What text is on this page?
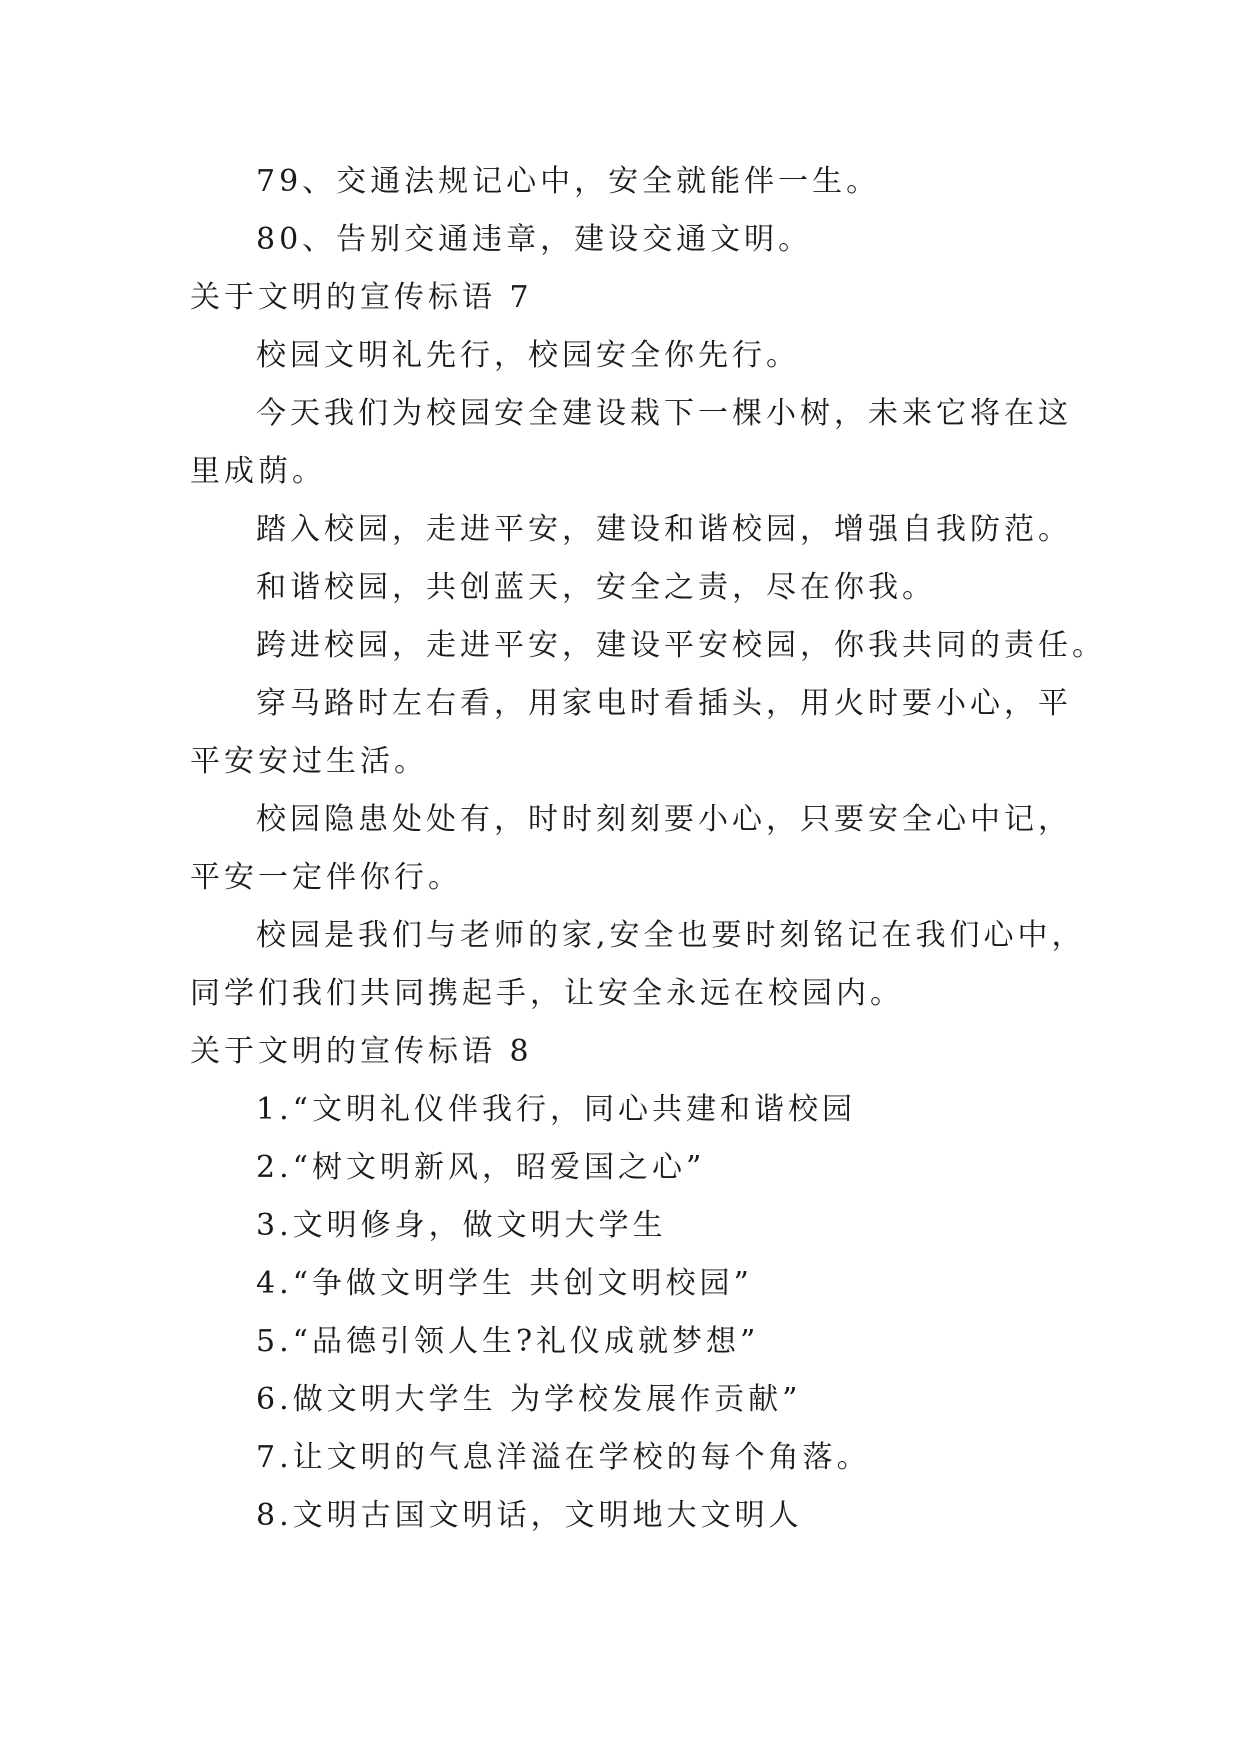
79、交通法规记心中，安全就能伴一生。
80、告别交通违章，建设交通文明。
关于文明的宣传标语 7
校园文明礼先行，校园安全你先行。
今天我们为校园安全建设栽下一棵小树，未来它将在这
里成荫。
踏入校园，走进平安，建设和谐校园，增强自我防范。
和谐校园，共创蓝天，安全之责，尽在你我。
跨进校园，走进平安，建设平安校园，你我共同的责任。
穿马路时左右看，用家电时看插头，用火时要小心，平
平安安过生活。
校园隐患处处有，时时刻刻要小心，只要安全心中记，
平安一定伴你行。
校园是我们与老师的家,安全也要时刻铭记在我们心中，
同学们我们共同携起手，让安全永远在校园内。
关于文明的宣传标语 8
1.“文明礼仪伴我行，同心共建和谐校园
2.“树文明新风，昭爱国之心”
3.文明修身，做文明大学生
4.“争做文明学生 共创文明校园”
5.“品德引领人生?礼仪成就梦想”
6.做文明大学生 为学校发展作贡献”
7.让文明的气息洋溢在学校的每个角落。
8.文明古国文明话，文明地大文明人
